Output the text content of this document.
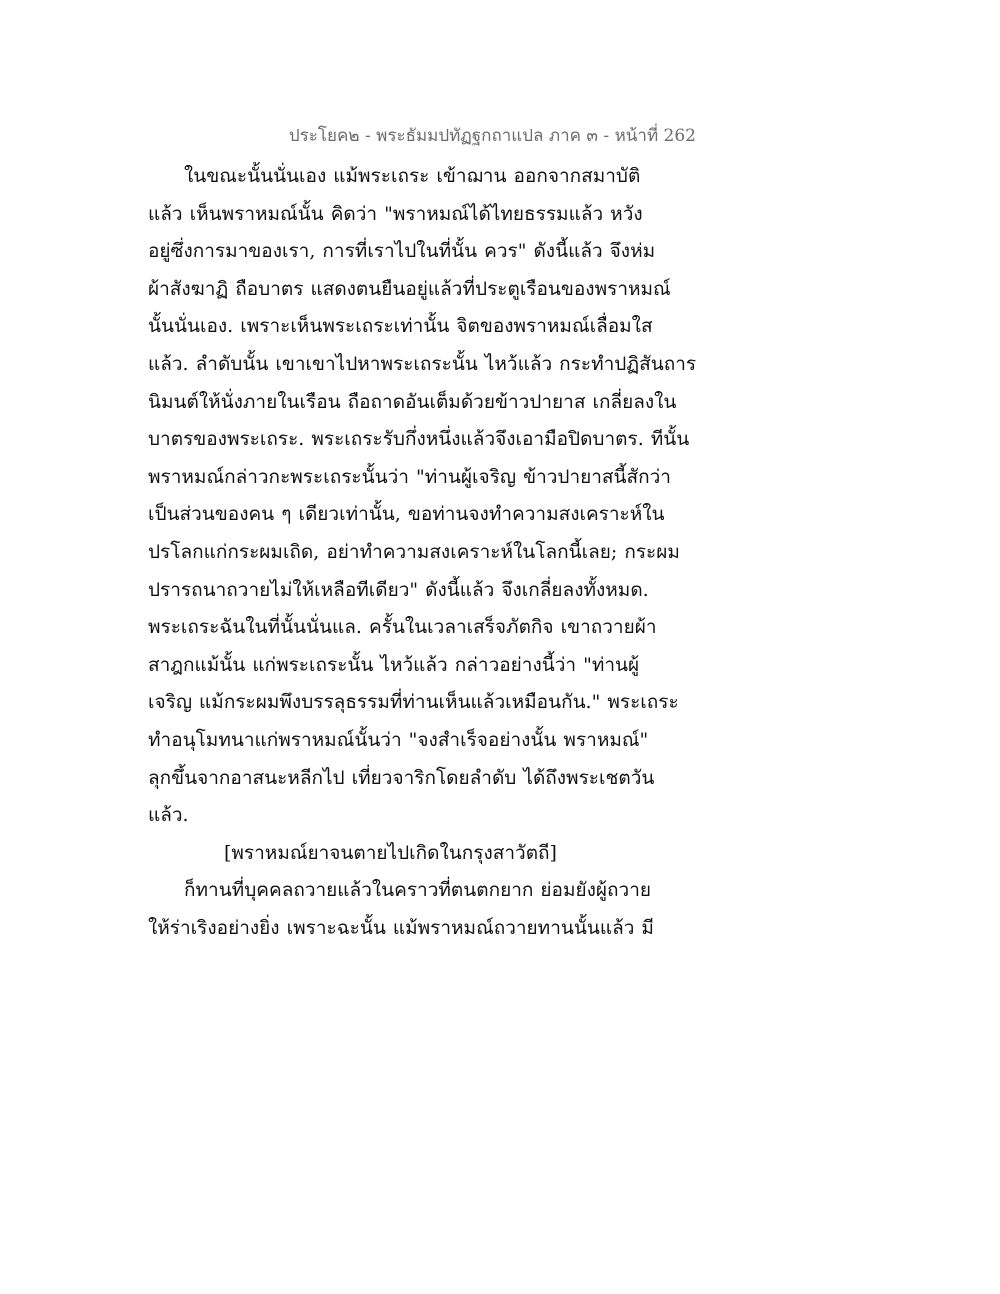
ประโยค๒ - พระธัมมปทัฏฐกถาแปล ภาค ๓ - หน้าที่ 262
ในขณะนั้นนั่นเอง แม้พระเถระ เข้าฌาน ออกจากสมาบัติ
แล้ว เห็นพราหมณ์นั้น คิดว่า "พราหมณ์ได้ไทยธรรมแล้ว หวัง
อยู่ซึ่งการมาของเรา, การที่เราไปในที่นั้น ควร" ดังนี้แล้ว จึงห่ม
ผ้าสังฆาฏิ ถือบาตร แสดงตนยืนอยู่แล้วที่ประตูเรือนของพราหมณ์
นั้นนั่นเอง. เพราะเห็นพระเถระเท่านั้น จิตของพราหมณ์เลื่อมใส
แล้ว. ลำดับนั้น เขาเขาไปหาพระเถระนั้น ไหว้แล้ว กระทำปฏิสันถาร
นิมนต์ให้นั่งภายในเรือน ถือถาดอันเต็มด้วยข้าวปายาส เกลี่ยลงใน
บาตรของพระเถระ. พระเถระรับกึ่งหนึ่งแล้วจึงเอามือปิดบาตร. ทีนั้น
พราหมณ์กล่าวกะพระเถระนั้นว่า "ท่านผู้เจริญ ข้าวปายาสนี้สักว่า
เป็นส่วนของคน ๆ เดียวเท่านั้น, ขอท่านจงทำความสงเคราะห์ใน
ปรโลกแก่กระผมเถิด, อย่าทำความสงเคราะห์ในโลกนี้เลย; กระผม
ปรารถนาถวายไม่ให้เหลือทีเดียว" ดังนี้แล้ว จึงเกลี่ยลงทั้งหมด.
พระเถระฉันในที่นั้นนั่นแล. ครั้นในเวลาเสร็จภัตกิจ เขาถวายผ้า
สาฎกแม้นั้น แก่พระเถระนั้น ไหว้แล้ว กล่าวอย่างนี้ว่า "ท่านผู้
เจริญ แม้กระผมพึงบรรลุธรรมที่ท่านเห็นแล้วเหมือนกัน." พระเถระ
ทำอนุโมทนาแก่พราหมณ์นั้นว่า "จงสำเร็จอย่างนั้น พราหมณ์"
ลุกขึ้นจากอาสนะหลีกไป เที่ยวจาริกโดยลำดับ ได้ถึงพระเชตวัน
แล้ว.
[พราหมณ์ยาจนตายไปเกิดในกรุงสาวัตถี]
ก็ทานที่บุคคลถวายแล้วในคราวที่ตนตกยาก ย่อมยังผู้ถวาย
ให้ร่าเริงอย่างยิ่ง เพราะฉะนั้น แม้พราหมณ์ถวายทานนั้นแล้ว มี
